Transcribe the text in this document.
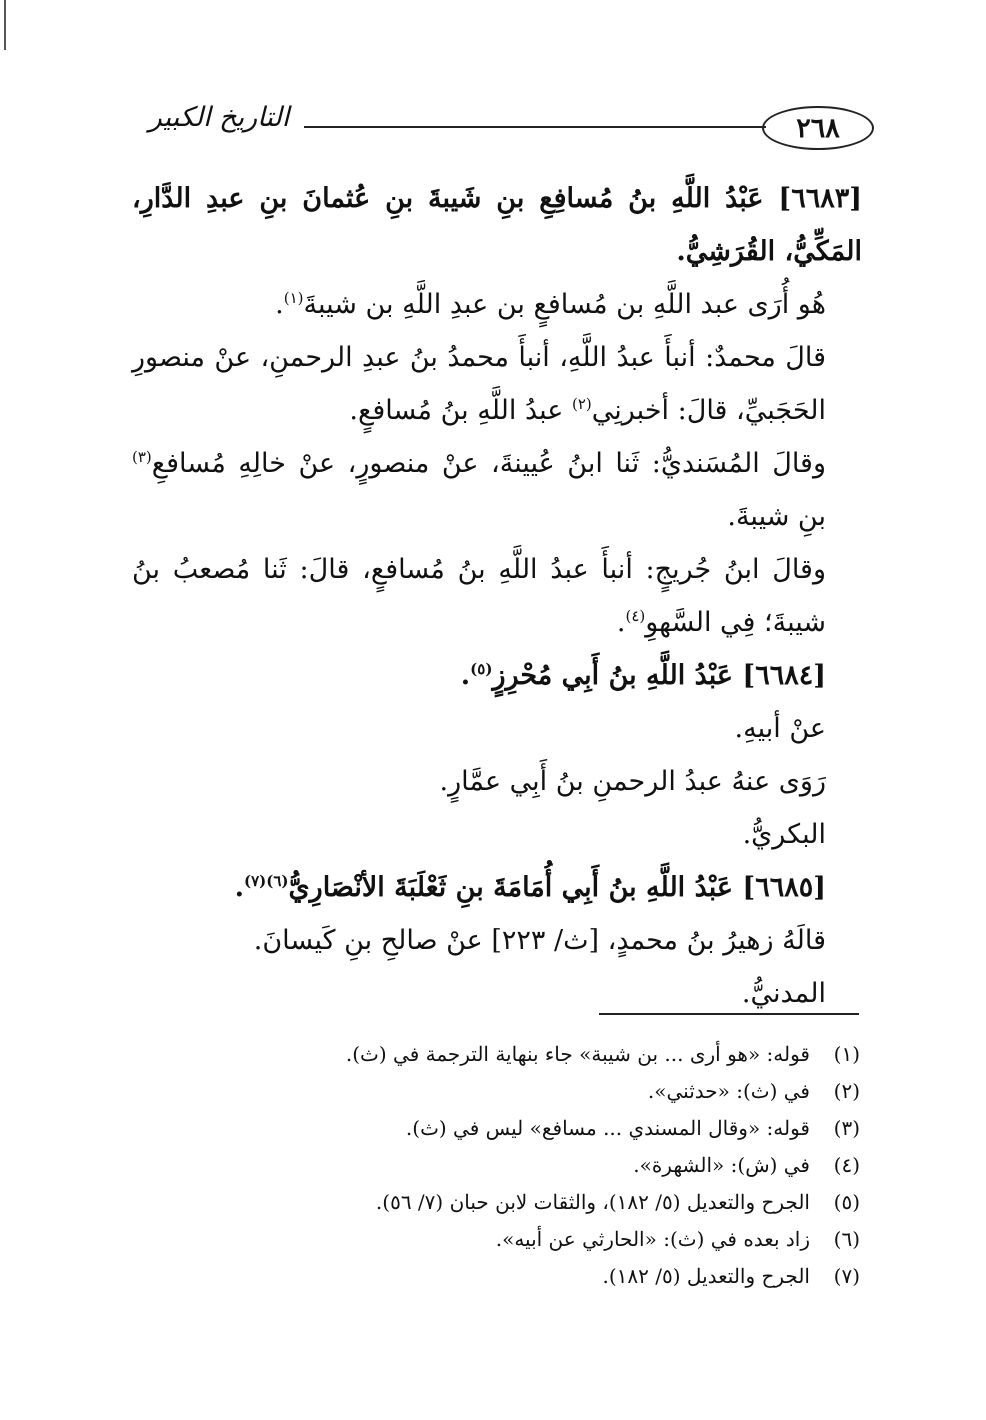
٢٦٨
التاريخ الكبير

[٦٦٨٣] عَبْدُ اللَّهِ بنُ مُسافِعِ بنِ شَيبةَ بنِ عُثمانَ بنِ عبدِ الدَّارِ، المَكِّيُّ، القُرَشِيُّ.

هُو أُرَى عبد اللَّهِ بن مُسافعٍ بن عبدِ اللَّهِ بن شيبةَ$^{(١)}$.

قالَ محمدٌ: أنبأَ عبدُ اللَّهِ، أنبأَ محمدُ بنُ عبدِ الرحمنِ، عنْ منصورِ الحَجَبيِّ، قالَ: أخبرنِي$^{(٢)}$ عبدُ اللَّهِ بنُ مُسافعٍ.

وقالَ المُسَنديُّ: ثَنا ابنُ عُيينةَ، عنْ منصورٍ، عنْ خالِهِ مُسافعِ$^{(٣)}$ بنِ شيبةَ.

وقالَ ابنُ جُريجٍ: أنبأَ عبدُ اللَّهِ بنُ مُسافعٍ، قالَ: ثَنا مُصعبُ بنُ شيبةَ؛ فِي السَّهوِ$^{(٤)}$.

[٦٦٨٤] عَبْدُ اللَّهِ بنُ أَبِي مُحْرِزٍ$^{(٥)}$.

عنْ أبيهِ.

رَوَى عنهُ عبدُ الرحمنِ بنُ أَبِي عمَّارٍ.

البكريُّ.

[٦٦٨٥] عَبْدُ اللَّهِ بنُ أَبِي أُمَامَةَ بنِ ثَعْلَبَةَ الأنْصَارِيُّ$^{(٦)(٧)}$.

قالَهُ زهيرُ بنُ محمدٍ، [ث/ ٢٢٣] عنْ صالحِ بنِ كَيسانَ.

المدنيُّ.

(١)
قوله: «هو أرى ... بن شيبة» جاء بنهاية الترجمة في (ث).
(٢)
في (ث): «حدثني».
(٣)
قوله: «وقال المسندي ... مسافع» ليس في (ث).
(٤)
في (ش): «الشهرة».
(٥)
الجرح والتعديل (٥/ ١٨٢)، والثقات لابن حبان (٧/ ٥٦).
(٦)
زاد بعده في (ث): «الحارثي عن أبيه».
(٧)
الجرح والتعديل (٥/ ١٨٢).
